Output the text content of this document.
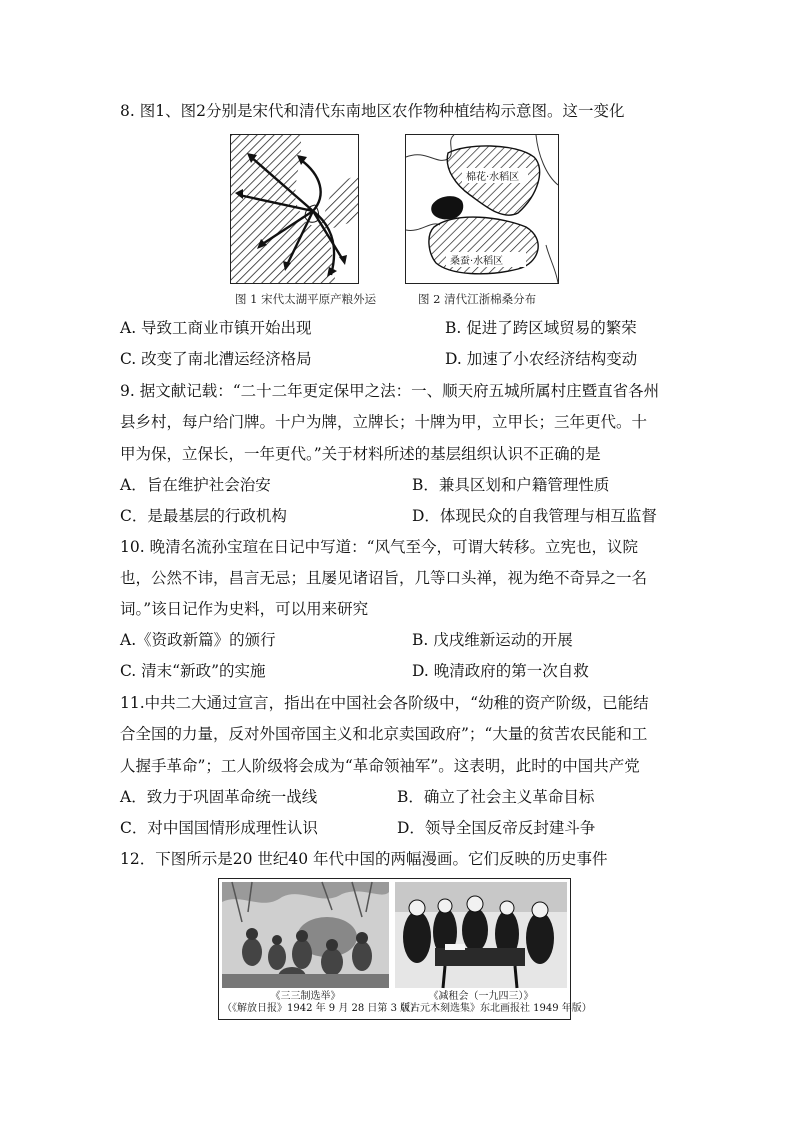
8. 图1、图2分别是宋代和清代东南地区农作物种植结构示意图。这一变化
棉花·水稻区
桑蚕·水稻区
图 1 宋代太湖平原产粮外运	图 2 清代江浙棉桑分布
A. 导致工商业市镇开始出现	B. 促进了跨区域贸易的繁荣
C. 改变了南北漕运经济格局	D. 加速了小农经济结构变动
9. 据文献记载：“二十二年更定保甲之法：一、顺天府五城所属村庄暨直省各州
县乡村，每户给门牌。十户为牌，立牌长；十牌为甲，立甲长；三年更代。十
甲为保，立保长，一年更代。”关于材料所述的基层组织认识不正确的是
A．旨在维护社会治安	B．兼具区划和户籍管理性质
C．是最基层的行政机构	D．体现民众的自我管理与相互监督
10. 晚清名流孙宝瑄在日记中写道：“风气至今，可谓大转移。立宪也，议院
也，公然不讳，昌言无忌；且屡见诸诏旨，几等口头禅，视为绝不奇异之一名
词。”该日记作为史料，可以用来研究
A.《资政新篇》的颁行	B. 戊戌维新运动的开展
C. 清末“新政”的实施	D. 晚清政府的第一次自救
11.中共二大通过宣言，指出在中国社会各阶级中，“幼稚的资产阶级，已能结
合全国的力量，反对外国帝国主义和北京卖国政府”；“大量的贫苦农民能和工
人握手革命”；工人阶级将会成为“革命领袖军”。这表明，此时的中国共产党
A．致力于巩固革命统一战线	B．确立了社会主义革命目标
C．对中国国情形成理性认识	D．领导全国反帝反封建斗争
12．下图所示是20 世纪40 年代中国的两幅漫画。它们反映的历史事件
《三三制选举》
（《解放日报》1942 年 9 月 28 日第 3 版）
《减租会（一九四三）》
（《古元木刻选集》东北画报社 1949 年版）
